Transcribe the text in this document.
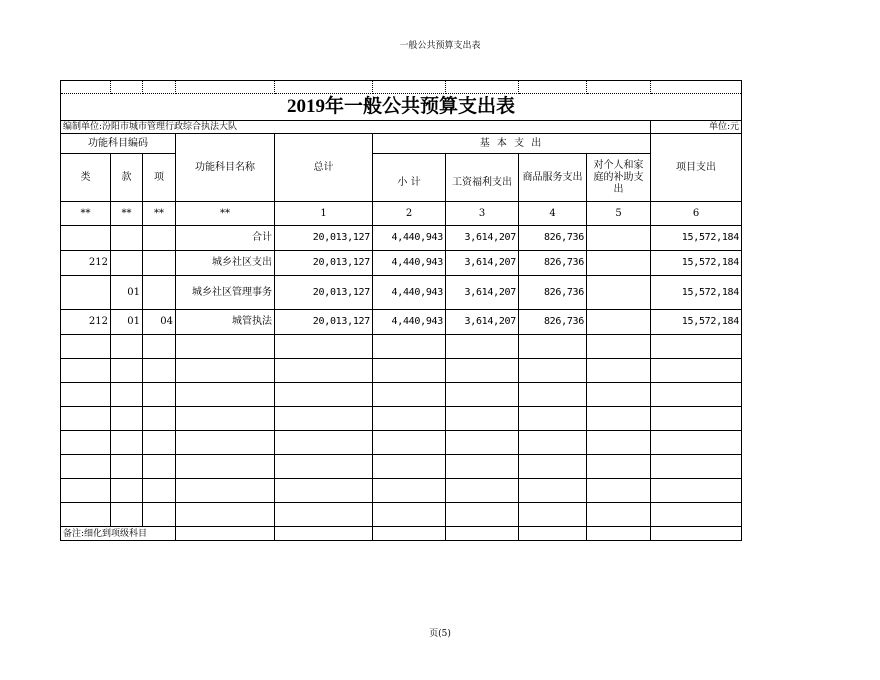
一般公共预算支出表

2019年一般公共预算支出表									
编制单位:汾阳市城市管理行政综合执法大队									单位:元
功能科目编码			功能科目名称	总计	基 本 支 出				项目支出
类	款	项			小 计	工资福利支出	商品服务支出	对个人和家庭的补助支出	
**	**	**	**	1	2	3	4	5	6
			合计	20,013,127	4,440,943	3,614,207	826,736		15,572,184
212			城乡社区支出	20,013,127	4,440,943	3,614,207	826,736		15,572,184
	01		城乡社区管理事务	20,013,127	4,440,943	3,614,207	826,736		15,572,184
212	01	04	城管执法	20,013,127	4,440,943	3,614,207	826,736		15,572,184

备注:细化到项级科目									
页(5)
